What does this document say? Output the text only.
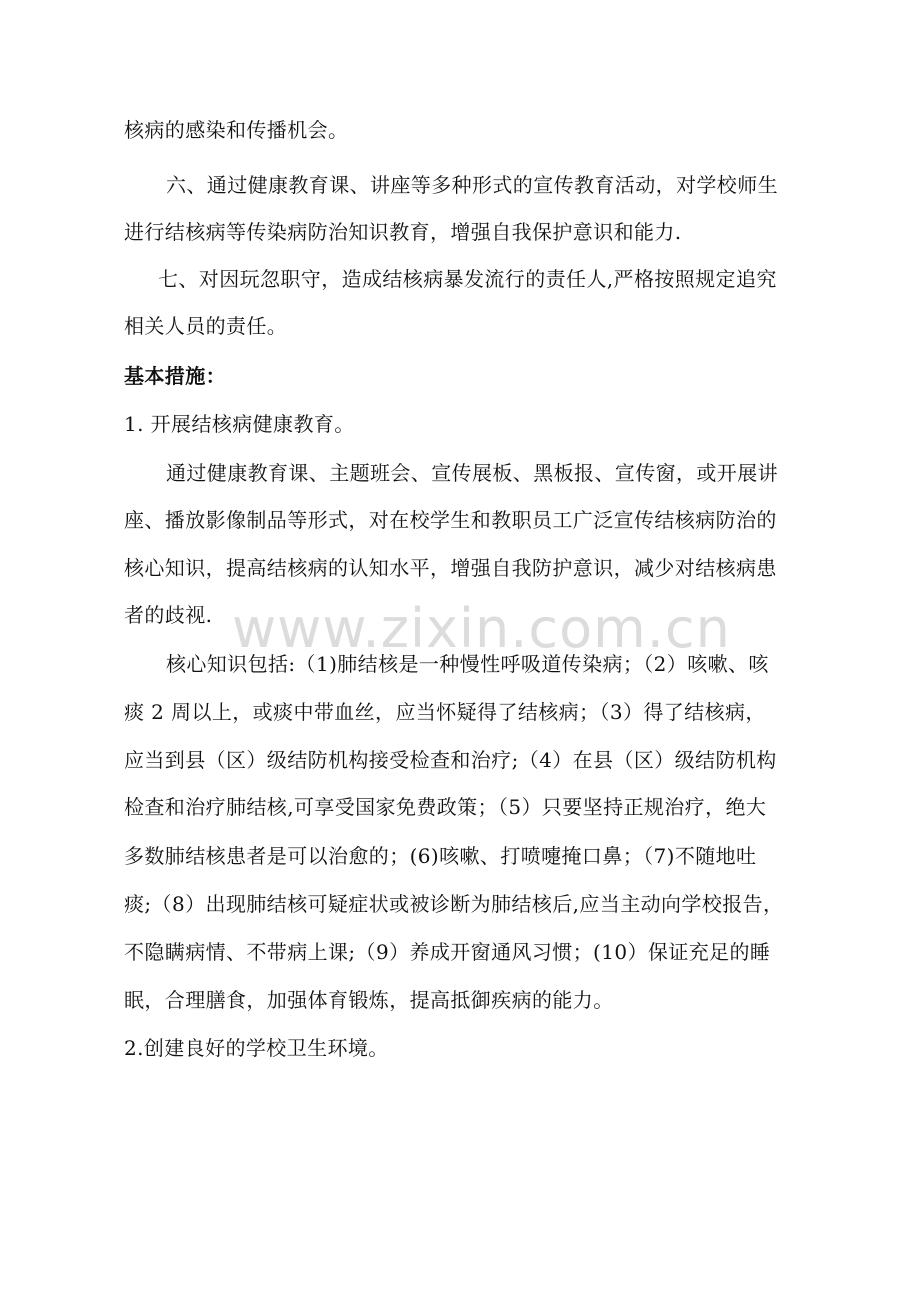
核病的感染和传播机会。
六、通过健康教育课、讲座等多种形式的宣传教育活动，对学校师生
进行结核病等传染病防治知识教育，增强自我保护意识和能力.
七、对因玩忽职守，造成结核病暴发流行的责任人,严格按照规定追究
相关人员的责任。
基本措施：
1. 开展结核病健康教育。
通过健康教育课、主题班会、宣传展板、黑板报、宣传窗，或开展讲
座、播放影像制品等形式，对在校学生和教职员工广泛宣传结核病防治的
核心知识，提高结核病的认知水平，增强自我防护意识，减少对结核病患
者的歧视.
核心知识包括:（1)肺结核是一种慢性呼吸道传染病；（2）咳嗽、咳
痰 2 周以上，或痰中带血丝，应当怀疑得了结核病；（3）得了结核病，
应当到县（区）级结防机构接受检查和治疗;（4）在县（区）级结防机构
检查和治疗肺结核,可享受国家免费政策；（5）只要坚持正规治疗，绝大
多数肺结核患者是可以治愈的；(6)咳嗽、打喷嚏掩口鼻；（7)不随地吐
痰;（8）出现肺结核可疑症状或被诊断为肺结核后,应当主动向学校报告，
不隐瞒病情、不带病上课;（9）养成开窗通风习惯；(10）保证充足的睡
眠，合理膳食，加强体育锻炼，提高抵御疾病的能力。
2.创建良好的学校卫生环境。
www.zixin.com.cn
